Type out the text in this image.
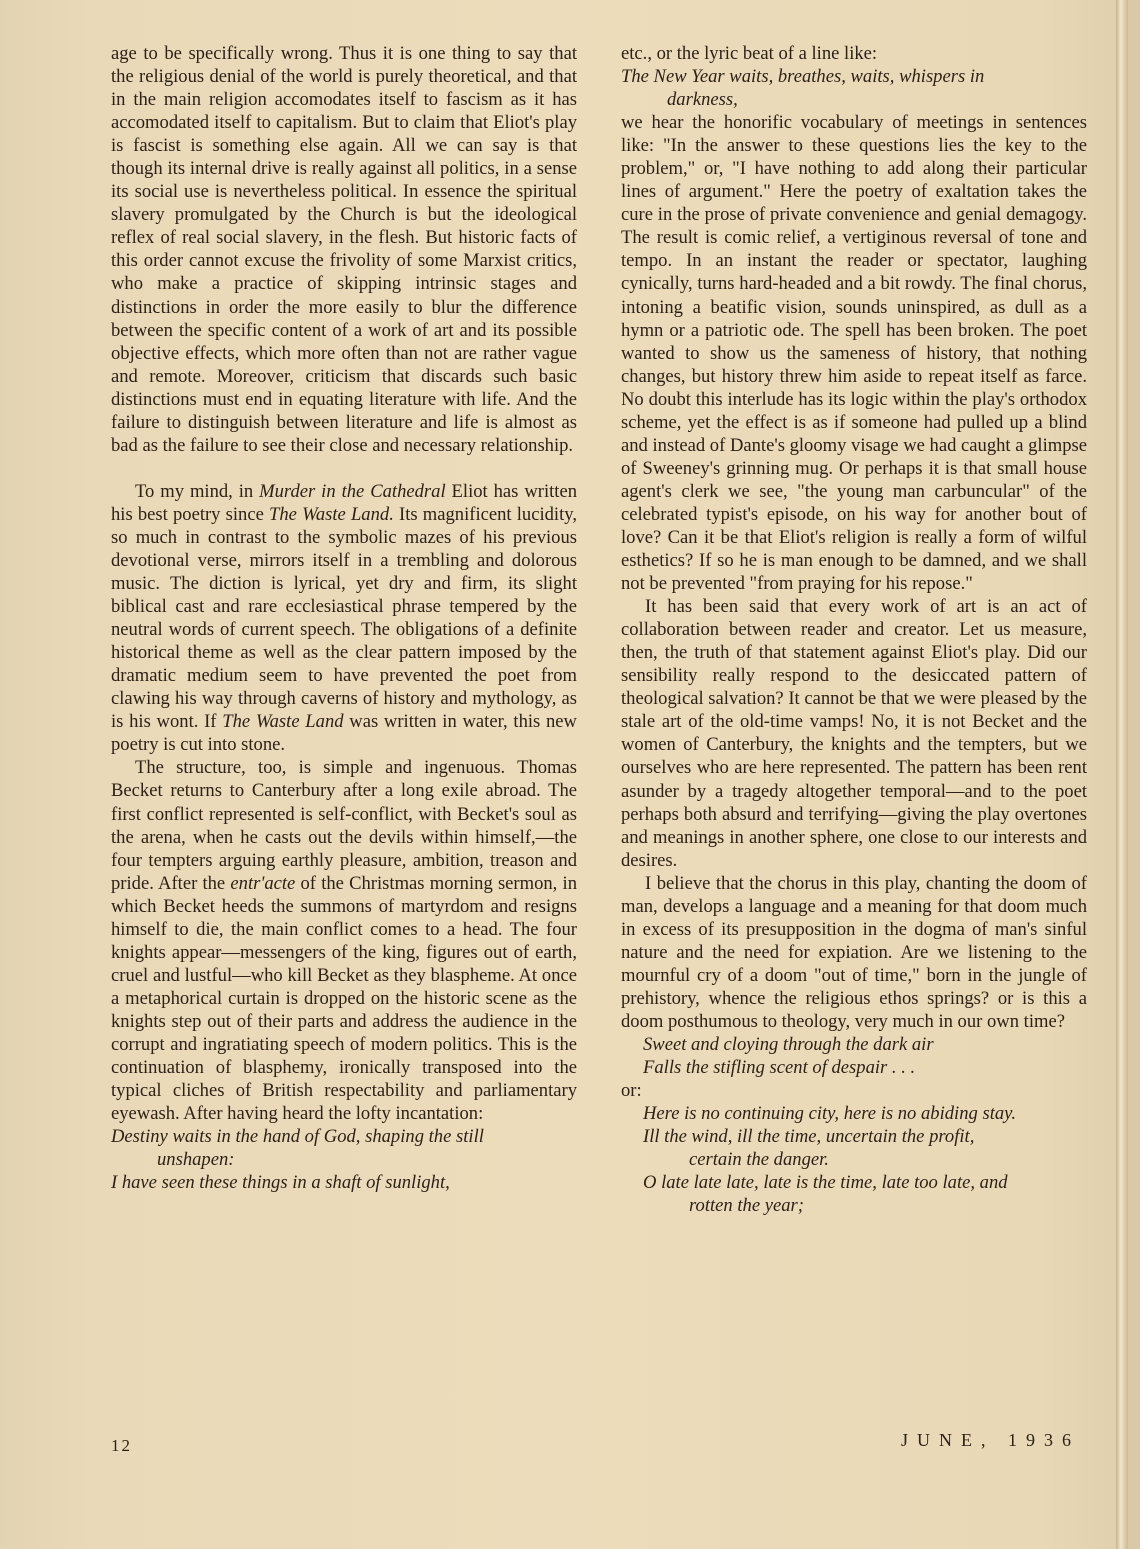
age to be specifically wrong. Thus it is one thing to say that the religious denial of the world is purely theoretical, and that in the main religion accomodates itself to fascism as it has accomodated itself to capitalism. But to claim that Eliot's play is fascist is something else again. All we can say is that though its internal drive is really against all politics, in a sense its social use is nevertheless political. In essence the spiritual slavery promulgated by the Church is but the ideological reflex of real social slavery, in the flesh. But historic facts of this order cannot excuse the frivolity of some Marxist critics, who make a practice of skipping intrinsic stages and distinctions in order the more easily to blur the difference between the specific content of a work of art and its possible objective effects, which more often than not are rather vague and remote. Moreover, criticism that discards such basic distinctions must end in equating literature with life. And the failure to distinguish between literature and life is almost as bad as the failure to see their close and necessary relationship.

To my mind, in Murder in the Cathedral Eliot has written his best poetry since The Waste Land. Its magnificent lucidity, so much in contrast to the symbolic mazes of his previous devotional verse, mirrors itself in a trembling and dolorous music. The diction is lyrical, yet dry and firm, its slight biblical cast and rare ecclesiastical phrase tempered by the neutral words of current speech. The obligations of a definite historical theme as well as the clear pattern imposed by the dramatic medium seem to have prevented the poet from clawing his way through caverns of history and mythology, as is his wont. If The Waste Land was written in water, this new poetry is cut into stone.

The structure, too, is simple and ingenuous. Thomas Becket returns to Canterbury after a long exile abroad. The first conflict represented is self-conflict, with Becket's soul as the arena, when he casts out the devils within himself,—the four tempters arguing earthly pleasure, ambition, treason and pride. After the entr'acte of the Christmas morning sermon, in which Becket heeds the summons of martyrdom and resigns himself to die, the main conflict comes to a head. The four knights appear—messengers of the king, figures out of earth, cruel and lustful—who kill Becket as they blaspheme. At once a metaphorical curtain is dropped on the historic scene as the knights step out of their parts and address the audience in the corrupt and ingratiating speech of modern politics. This is the continuation of blasphemy, ironically transposed into the typical cliches of British respectability and parliamentary eyewash. After having heard the lofty incantation:

Destiny waits in the hand of God, shaping the still
unshapen:
I have seen these things in a shaft of sunlight,

etc., or the lyric beat of a line like:

The New Year waits, breathes, waits, whispers in
darkness,

we hear the honorific vocabulary of meetings in sentences like: "In the answer to these questions lies the key to the problem," or, "I have nothing to add along their particular lines of argument." Here the poetry of exaltation takes the cure in the prose of private convenience and genial demagogy. The result is comic relief, a vertiginous reversal of tone and tempo. In an instant the reader or spectator, laughing cynically, turns hard-headed and a bit rowdy. The final chorus, intoning a beatific vision, sounds uninspired, as dull as a hymn or a patriotic ode. The spell has been broken. The poet wanted to show us the sameness of history, that nothing changes, but history threw him aside to repeat itself as farce. No doubt this interlude has its logic within the play's orthodox scheme, yet the effect is as if someone had pulled up a blind and instead of Dante's gloomy visage we had caught a glimpse of Sweeney's grinning mug. Or perhaps it is that small house agent's clerk we see, "the young man carbuncular" of the celebrated typist's episode, on his way for another bout of love? Can it be that Eliot's religion is really a form of wilful esthetics? If so he is man enough to be damned, and we shall not be prevented "from praying for his repose."

It has been said that every work of art is an act of collaboration between reader and creator. Let us measure, then, the truth of that statement against Eliot's play. Did our sensibility really respond to the desiccated pattern of theological salvation? It cannot be that we were pleased by the stale art of the old-time vamps! No, it is not Becket and the women of Canterbury, the knights and the tempters, but we ourselves who are here represented. The pattern has been rent asunder by a tragedy altogether temporal—and to the poet perhaps both absurd and terrifying—giving the play overtones and meanings in another sphere, one close to our interests and desires.

I believe that the chorus in this play, chanting the doom of man, develops a language and a meaning for that doom much in excess of its presupposition in the dogma of man's sinful nature and the need for expiation. Are we listening to the mournful cry of a doom "out of time," born in the jungle of prehistory, whence the religious ethos springs? or is this a doom posthumous to theology, very much in our own time?

Sweet and cloying through the dark air
Falls the stifling scent of despair . . .

or:

Here is no continuing city, here is no abiding stay.
Ill the wind, ill the time, uncertain the profit,
certain the danger.
O late late late, late is the time, late too late, and
rotten the year;

12	JUNE, 1936
